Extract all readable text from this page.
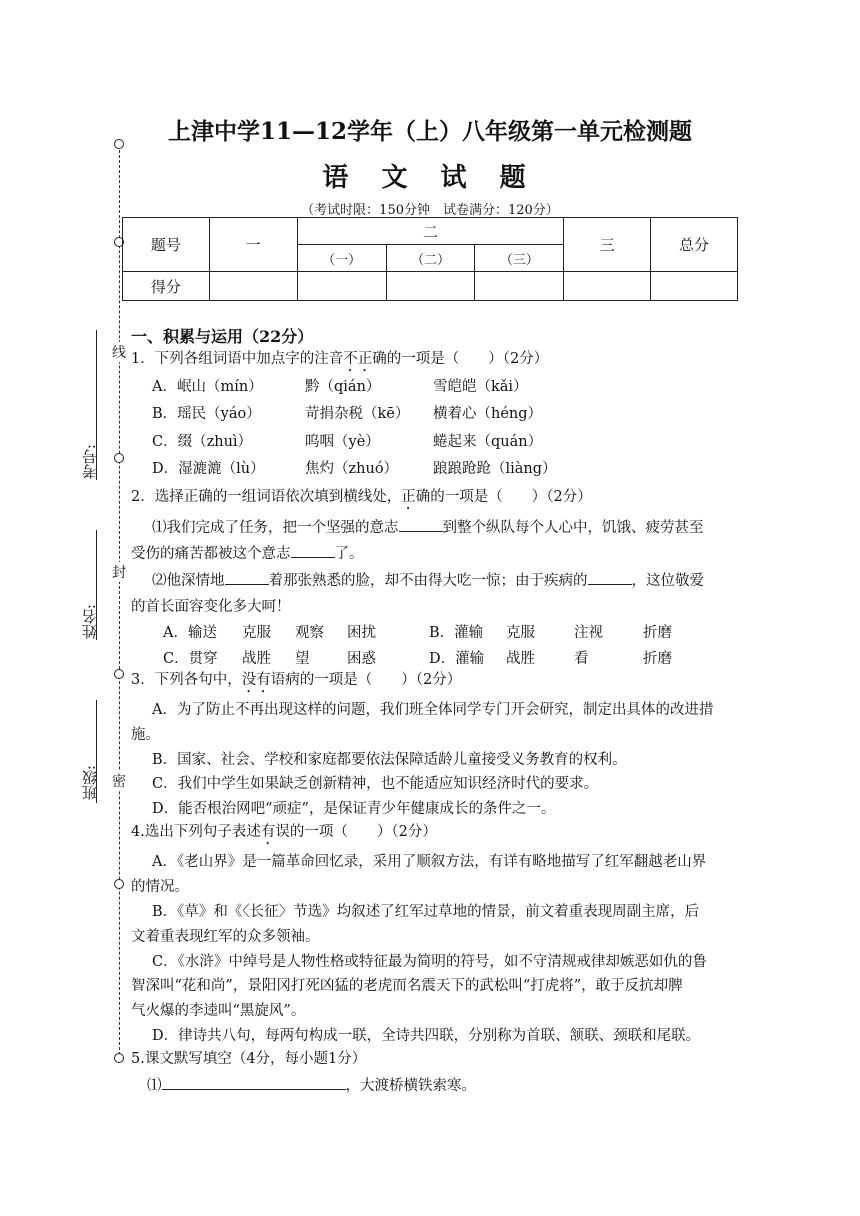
线
封
密
考号:
姓名:
班级:
上津中学11—12学年（上）八年级第一单元检测题
语 文 试 题
（考试时限：150分钟　试卷满分：120分）
题号	一	二			三	总分
		（一）	（二）	（三）		
得分						
一、积累与运用（22分）
1．下列各组词语中加点字的注音不正确的一项是（　　）（2分）
A．岷山（mín）	黔（qián）	雪皑皑（kǎi）
B．瑶民（yáo）	苛捐杂税（kē） 横着心（héng）
C．缀（zhuì）	呜咽（yè）	蜷起来（quán）
D．湿漉漉（lù）	焦灼（zhuó） 踉踉跄跄（liàng）
2．选择正确的一组词语依次填到横线处，正确的一项是（　　）（2分）
⑴我们完成了任务，把一个坚强的意志	到整个纵队每个人心中，饥饿、疲劳甚至
受伤的痛苦都被这个意志	了。
⑵他深情地	着那张熟悉的脸，却不由得大吃一惊；由于疾病的	，这位敬爱
的首长面容变化多大呵！
A．输送 克服 观察 困扰	B．灌输 克服	注视	折磨
C．贯穿 战胜 望	困惑	D．灌输 战胜	看	折磨
3．下列各句中，没有语病的一项是（　　）（2分）
A．为了防止不再出现这样的问题，我们班全体同学专门开会研究，制定出具体的改进措
施。
B．国家、社会、学校和家庭都要依法保障适龄儿童接受义务教育的权利。
C．我们中学生如果缺乏创新精神，也不能适应知识经济时代的要求。
D．能否根治网吧“顽症”，是保证青少年健康成长的条件之一。
4.选出下列句子表述有误的一项（　　）（2分）
A．《老山界》是一篇革命回忆录，采用了顺叙方法，有详有略地描写了红军翻越老山界
的情况。
B．《草》和《〈长征〉节选》均叙述了红军过草地的情景，前文着重表现周副主席，后
文着重表现红军的众多领袖。
C．《水浒》中绰号是人物性格或特征最为简明的符号，如不守清规戒律却嫉恶如仇的鲁
智深叫“花和尚”，景阳冈打死凶猛的老虎而名震天下的武松叫“打虎将”，敢于反抗却脾
气火爆的李逵叫“黑旋风”。
D．律诗共八句，每两句构成一联，全诗共四联，分别称为首联、颔联、颈联和尾联。
5.课文默写填空（4分，每小题1分）
⑴	，大渡桥横铁索寒。
